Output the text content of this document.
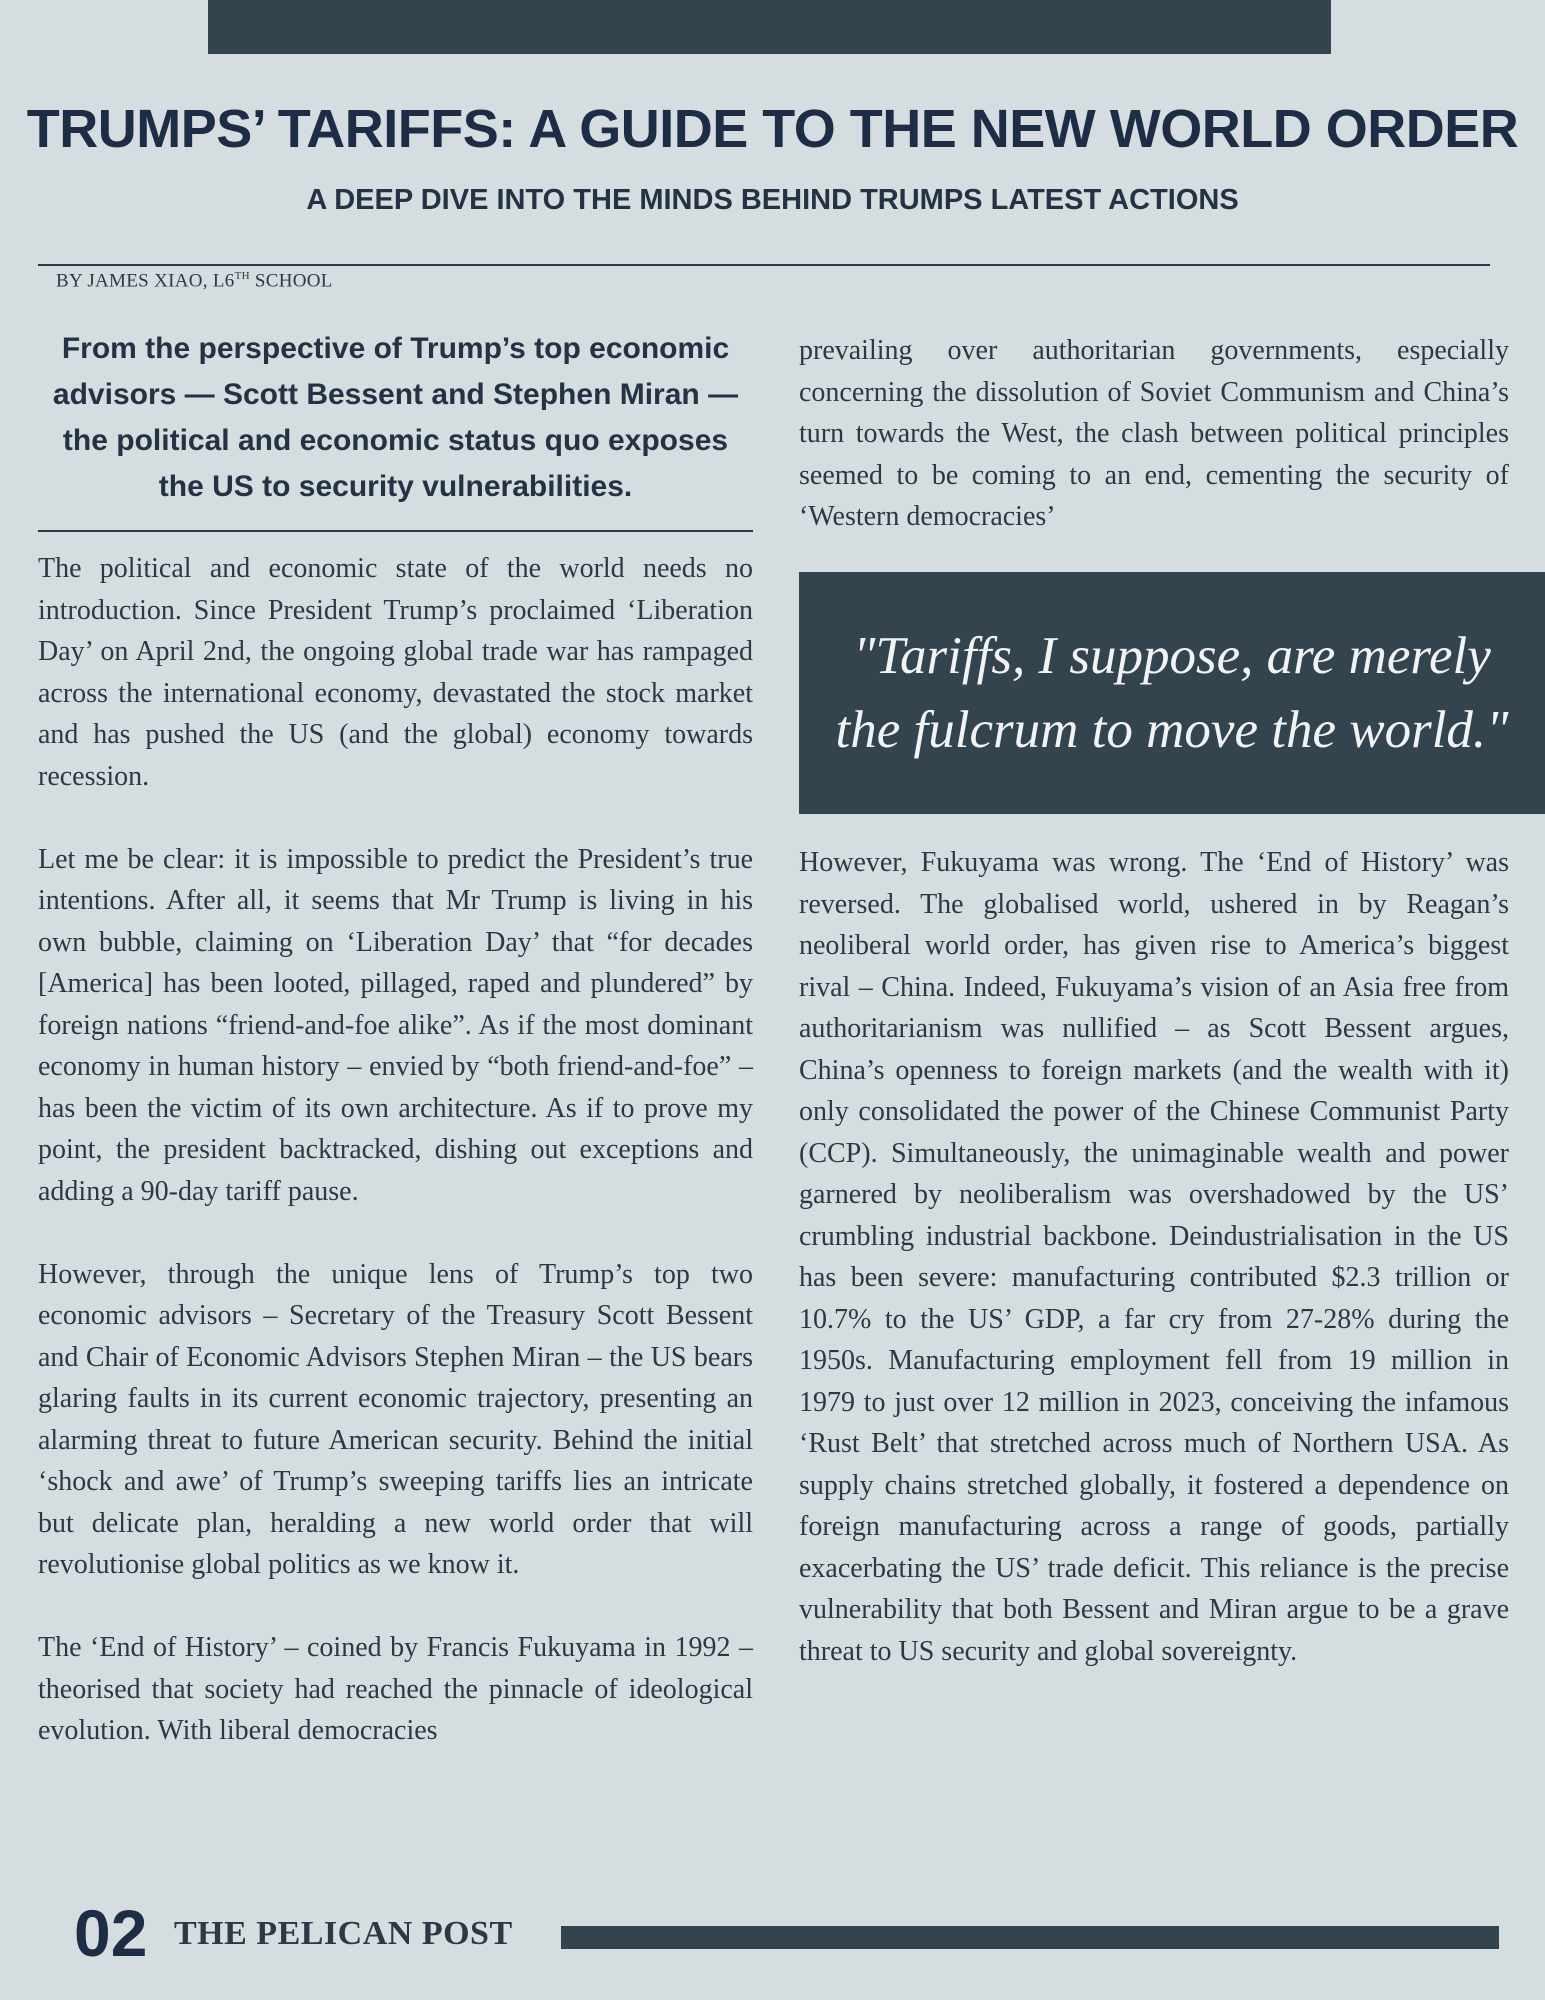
TRUMPS’ TARIFFS: A GUIDE TO THE NEW WORLD ORDER
A DEEP DIVE INTO THE MINDS BEHIND TRUMPS LATEST ACTIONS
BY JAMES XIAO, L6TH SCHOOL

From the perspective of Trump’s top economic advisors — Scott Bessent and Stephen Miran — the political and economic status quo exposes the US to security vulnerabilities.

The political and economic state of the world needs no introduction. Since President Trump’s proclaimed ‘Liberation Day’ on April 2nd, the ongoing global trade war has rampaged across the international economy, devastated the stock market and has pushed the US (and the global) economy towards recession.

Let me be clear: it is impossible to predict the President’s true intentions. After all, it seems that Mr Trump is living in his own bubble, claiming on ‘Liberation Day’ that “for decades [America] has been looted, pillaged, raped and plundered” by foreign nations “friend-and-foe alike”. As if the most dominant economy in human history – envied by “both friend-and-foe” – has been the victim of its own architecture. As if to prove my point, the president backtracked, dishing out exceptions and adding a 90-day tariff pause.

However, through the unique lens of Trump’s top two economic advisors – Secretary of the Treasury Scott Bessent and Chair of Economic Advisors Stephen Miran – the US bears glaring faults in its current economic trajectory, presenting an alarming threat to future American security. Behind the initial ‘shock and awe’ of Trump’s sweeping tariffs lies an intricate but delicate plan, heralding a new world order that will revolutionise global politics as we know it.

The ‘End of History’ – coined by Francis Fukuyama in 1992 – theorised that society had reached the pinnacle of ideological evolution. With liberal democracies

prevailing over authoritarian governments, especially concerning the dissolution of Soviet Communism and China’s turn towards the West, the clash between political principles seemed to be coming to an end, cementing the security of ‘Western democracies’

"Tariffs, I suppose, are merely the fulcrum to move the world."

However, Fukuyama was wrong. The ‘End of History’ was reversed. The globalised world, ushered in by Reagan’s neoliberal world order, has given rise to America’s biggest rival – China. Indeed, Fukuyama’s vision of an Asia free from authoritarianism was nullified – as Scott Bessent argues, China’s openness to foreign markets (and the wealth with it) only consolidated the power of the Chinese Communist Party (CCP). Simultaneously, the unimaginable wealth and power garnered by neoliberalism was overshadowed by the US’ crumbling industrial backbone. Deindustrialisation in the US has been severe: manufacturing contributed $2.3 trillion or 10.7% to the US’ GDP, a far cry from 27-28% during the 1950s. Manufacturing employment fell from 19 million in 1979 to just over 12 million in 2023, conceiving the infamous ‘Rust Belt’ that stretched across much of Northern USA. As supply chains stretched globally, it fostered a dependence on foreign manufacturing across a range of goods, partially exacerbating the US’ trade deficit. This reliance is the precise vulnerability that both Bessent and Miran argue to be a grave threat to US security and global sovereignty.

02 THE PELICAN POST
